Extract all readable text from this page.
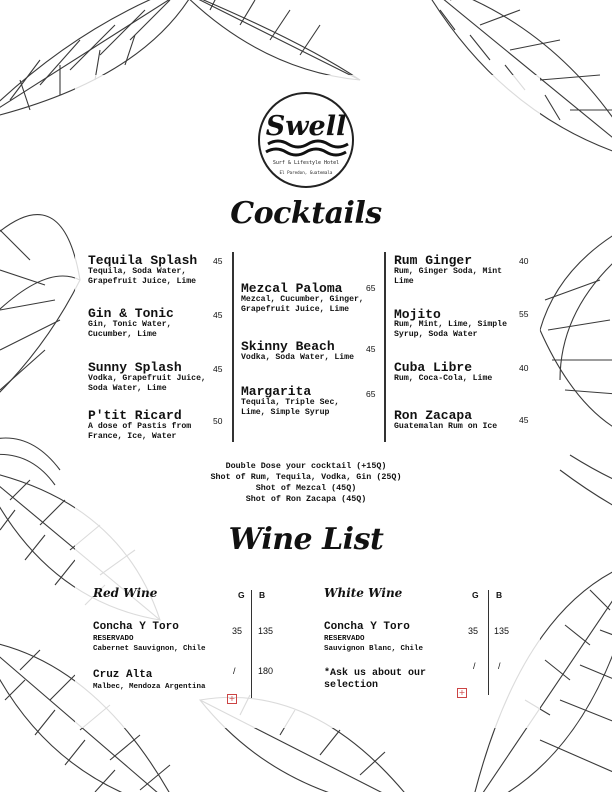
Swell
Surf & Lifestyle Hotel
El Paredon, Guatemala
Cocktails
Tequila Splash 45
Tequila, Soda Water,
Grapefruit Juice, Lime
Gin & Tonic	45
Gin, Tonic Water,
Cucumber, Lime
Sunny Splash	45
Vodka, Grapefruit Juice,
Soda Water, Lime
P'tit Ricard	50
A dose of Pastis from
France, Ice, Water
Mezcal Paloma	65
Mezcal, Cucumber, Ginger,
Grapefruit Juice, Lime
Skinny Beach	45
Vodka, Soda Water, Lime
Margarita	65
Tequila, Triple Sec,
Lime, Simple Syrup
Rum Ginger	40
Rum, Ginger Soda, Mint
Lime
Mojito	55
Rum, Mint, Lime, Simple
Syrup, Soda Water
Cuba Libre	40
Rum, Coca-Cola, Lime
Ron Zacapa	45
Guatemalan Rum on Ice
Double Dose your cocktail (+15Q)
Shot of Rum, Tequila, Vodka, Gin (25Q)
Shot of Mezcal (45Q)
Shot of Ron Zacapa (45Q)
Wine List
Red Wine	G B
Concha Y Toro
RESERVADO
Cabernet Sauvignon, Chile
35 135
Cruz Alta
Malbec, Mendoza Argentina
/ 180
+
White Wine	G B
Concha Y Toro
RESERVADO
Sauvignon Blanc, Chile
35 135
*Ask us about our
selection
/ /
+
